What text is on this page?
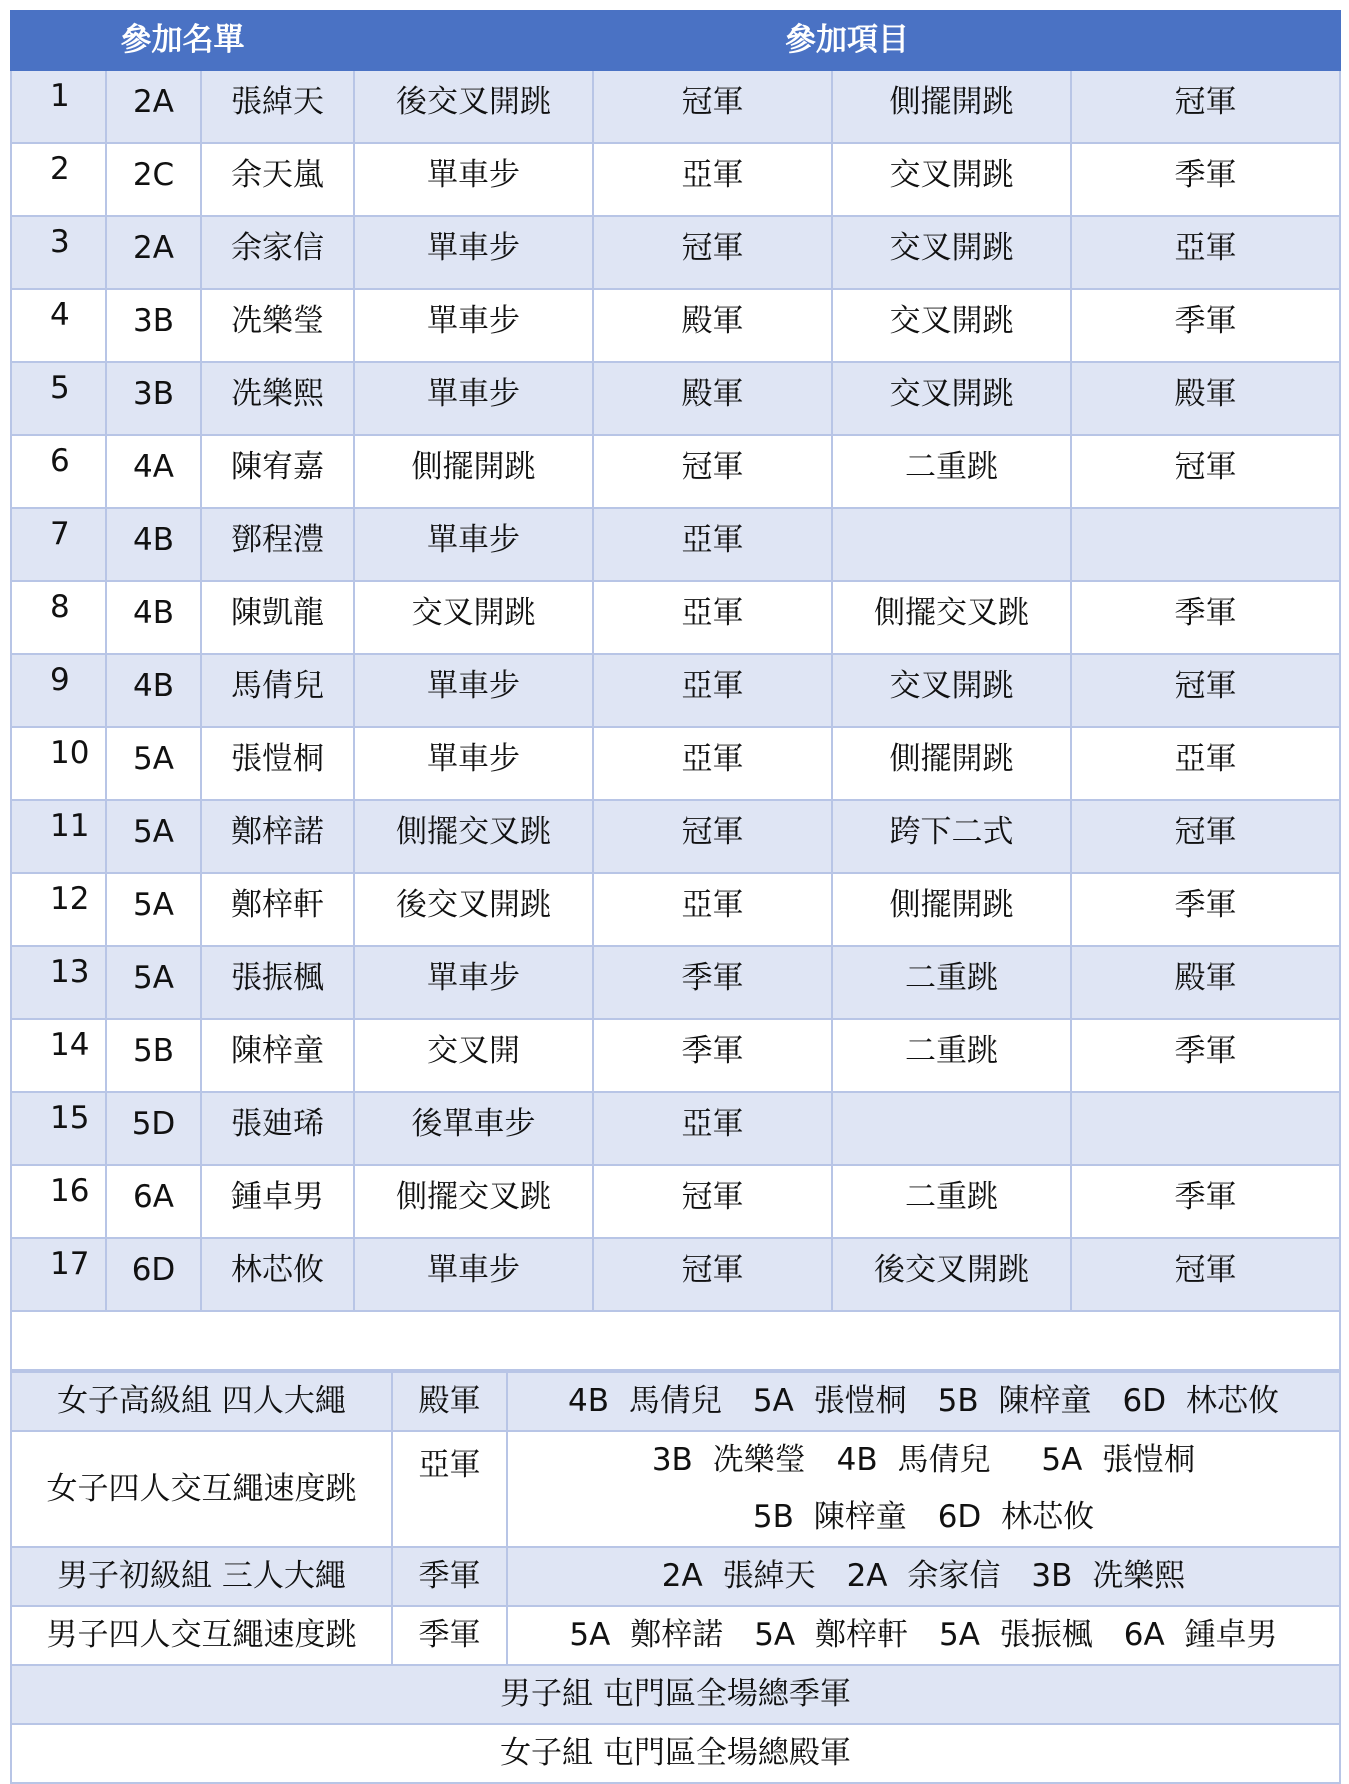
參加名單			參加項目			
1	2A	張綽天	後交叉開跳	冠軍	側擺開跳	冠軍
2	2C	余天嵐	單車步	亞軍	交叉開跳	季軍
3	2A	余家信	單車步	冠軍	交叉開跳	亞軍
4	3B	冼樂瑩	單車步	殿軍	交叉開跳	季軍
5	3B	冼樂熙	單車步	殿軍	交叉開跳	殿軍
6	4A	陳宥嘉	側擺開跳	冠軍	二重跳	冠軍
7	4B	鄧程澧	單車步	亞軍		
8	4B	陳凱龍	交叉開跳	亞軍	側擺交叉跳	季軍
9	4B	馬倩兒	單車步	亞軍	交叉開跳	冠軍
10	5A	張愷桐	單車步	亞軍	側擺開跳	亞軍
11	5A	鄭梓諾	側擺交叉跳	冠軍	跨下二式	冠軍
12	5A	鄭梓軒	後交叉開跳	亞軍	側擺開跳	季軍
13	5A	張振楓	單車步	季軍	二重跳	殿軍
14	5B	陳梓童	交叉開	季軍	二重跳	季軍
15	5D	張廸琋	後單車步	亞軍		
16	6A	鍾卓男	側擺交叉跳	冠軍	二重跳	季軍
17	6D	林芯攸	單車步	冠軍	後交叉開跳	冠軍

女子高級組 四人大繩	殿軍	4B 馬倩兒　5A 張愷桐　5B 陳梓童　6D 林芯攸
女子四人交互繩速度跳	亞軍	3B 冼樂瑩　4B 馬倩兒　 5A 張愷桐
5B 陳梓童　6D 林芯攸

男子初級組 三人大繩	季軍	2A 張綽天　2A 余家信　3B 冼樂熙
男子四人交互繩速度跳	季軍	5A 鄭梓諾　5A 鄭梓軒　5A 張振楓　6A 鍾卓男
男子組 屯門區全場總季軍		
女子組 屯門區全場總殿軍		
